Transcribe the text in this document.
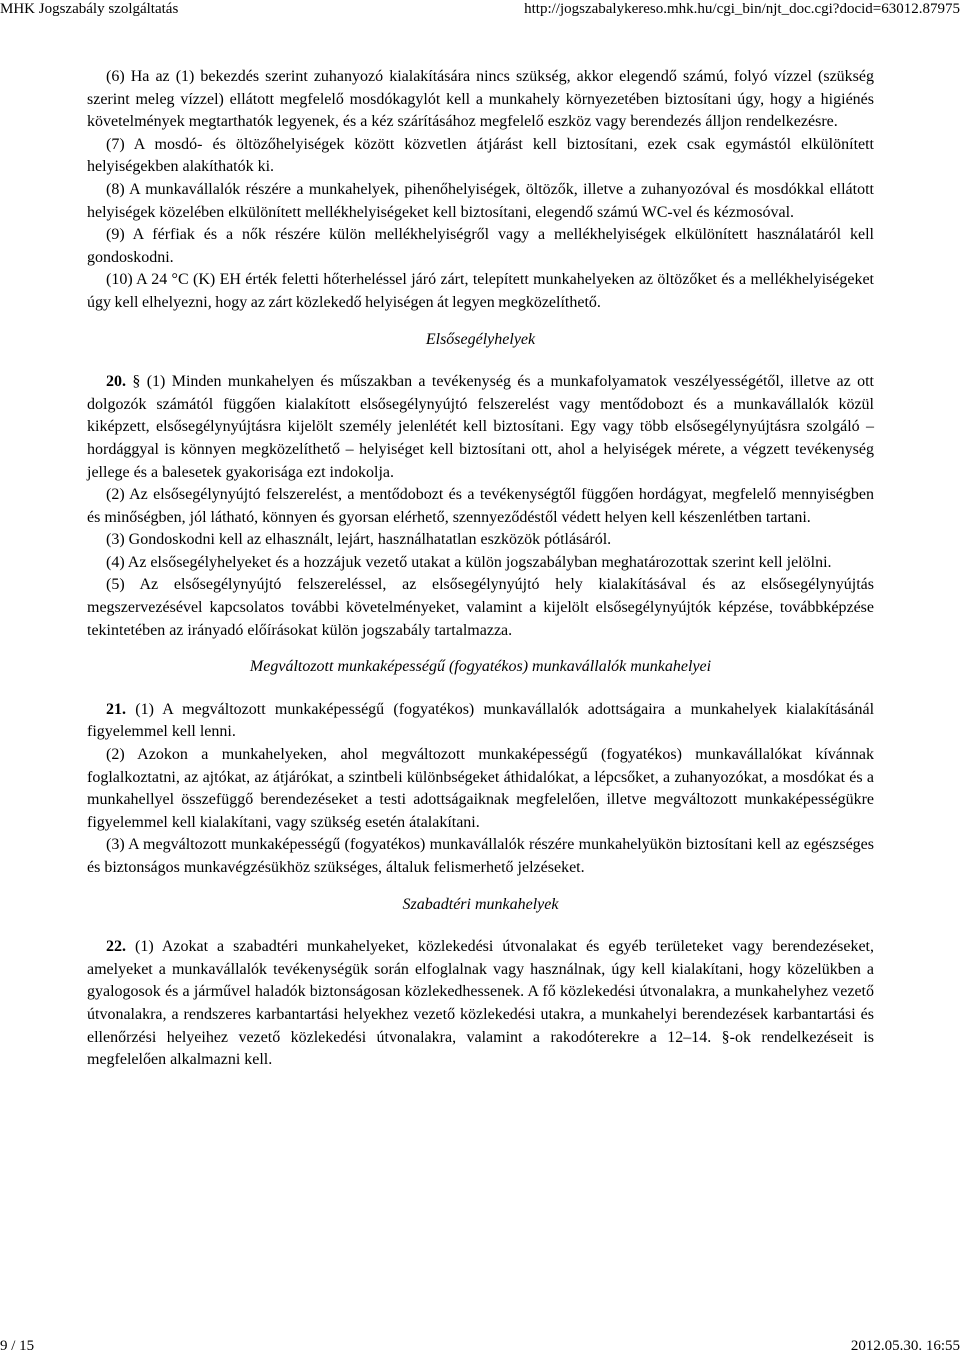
MHK Jogszabály szolgáltatás	http://jogszabalykereso.mhk.hu/cgi_bin/njt_doc.cgi?docid=63012.87975

(6) Ha az (1) bekezdés szerint zuhanyozó kialakítására nincs szükség, akkor elegendő számú, folyó vízzel (szükség szerint meleg vízzel) ellátott megfelelő mosdókagylót kell a munkahely környezetében biztosítani úgy, hogy a higiénés követelmények megtarthatók legyenek, és a kéz szárításához megfelelő eszköz vagy berendezés álljon rendelkezésre.

(7) A mosdó- és öltözőhelyiségek között közvetlen átjárást kell biztosítani, ezek csak egymástól elkülönített helyiségekben alakíthatók ki.

(8) A munkavállalók részére a munkahelyek, pihenőhelyiségek, öltözők, illetve a zuhanyozóval és mosdókkal ellátott helyiségek közelében elkülönített mellékhelyiségeket kell biztosítani, elegendő számú WC-vel és kézmosóval.

(9) A férfiak és a nők részére külön mellékhelyiségről vagy a mellékhelyiségek elkülönített használatáról kell gondoskodni.

(10) A 24 °C (K) EH érték feletti hőterheléssel járó zárt, telepített munkahelyeken az öltözőket és a mellékhelyiségeket úgy kell elhelyezni, hogy az zárt közlekedő helyiségen át legyen megközelíthető.

Elsősegélyhelyek

20. § (1) Minden munkahelyen és műszakban a tevékenység és a munkafolyamatok veszélyességétől, illetve az ott dolgozók számától függően kialakított elsősegélynyújtó felszerelést vagy mentődobozt és a munkavállalók közül kiképzett, elsősegélynyújtásra kijelölt személy jelenlétét kell biztosítani. Egy vagy több elsősegélynyújtásra szolgáló – hordággyal is könnyen megközelíthető – helyiséget kell biztosítani ott, ahol a helyiségek mérete, a végzett tevékenység jellege és a balesetek gyakorisága ezt indokolja.

(2) Az elsősegélynyújtó felszerelést, a mentődobozt és a tevékenységtől függően hordágyat, megfelelő mennyiségben és minőségben, jól látható, könnyen és gyorsan elérhető, szennyeződéstől védett helyen kell készenlétben tartani.

(3) Gondoskodni kell az elhasznált, lejárt, használhatatlan eszközök pótlásáról.

(4) Az elsősegélyhelyeket és a hozzájuk vezető utakat a külön jogszabályban meghatározottak szerint kell jelölni.

(5) Az elsősegélynyújtó felszereléssel, az elsősegélynyújtó hely kialakításával és az elsősegélynyújtás megszervezésével kapcsolatos további követelményeket, valamint a kijelölt elsősegélynyújtók képzése, továbbképzése tekintetében az irányadó előírásokat külön jogszabály tartalmazza.

Megváltozott munkaképességű (fogyatékos) munkavállalók munkahelyei

21. (1) A megváltozott munkaképességű (fogyatékos) munkavállalók adottságaira a munkahelyek kialakításánál figyelemmel kell lenni.

(2) Azokon a munkahelyeken, ahol megváltozott munkaképességű (fogyatékos) munkavállalókat kívánnak foglalkoztatni, az ajtókat, az átjárókat, a szintbeli különbségeket áthidalókat, a lépcsőket, a zuhanyozókat, a mosdókat és a munkahellyel összefüggő berendezéseket a testi adottságaiknak megfelelően, illetve megváltozott munkaképességükre figyelemmel kell kialakítani, vagy szükség esetén átalakítani.

(3) A megváltozott munkaképességű (fogyatékos) munkavállalók részére munkahelyükön biztosítani kell az egészséges és biztonságos munkavégzésükhöz szükséges, általuk felismerhető jelzéseket.

Szabadtéri munkahelyek

22. (1) Azokat a szabadtéri munkahelyeket, közlekedési útvonalakat és egyéb területeket vagy berendezéseket, amelyeket a munkavállalók tevékenységük során elfoglalnak vagy használnak, úgy kell kialakítani, hogy közelükben a gyalogosok és a járművel haladók biztonságosan közlekedhessenek. A fő közlekedési útvonalakra, a munkahelyhez vezető útvonalakra, a rendszeres karbantartási helyekhez vezető közlekedési utakra, a munkahelyi berendezések karbantartási és ellenőrzési helyeihez vezető közlekedési útvonalakra, valamint a rakodóterekre a 12–14. §-ok rendelkezéseit is megfelelően alkalmazni kell.

9 / 15	2012.05.30. 16:55
